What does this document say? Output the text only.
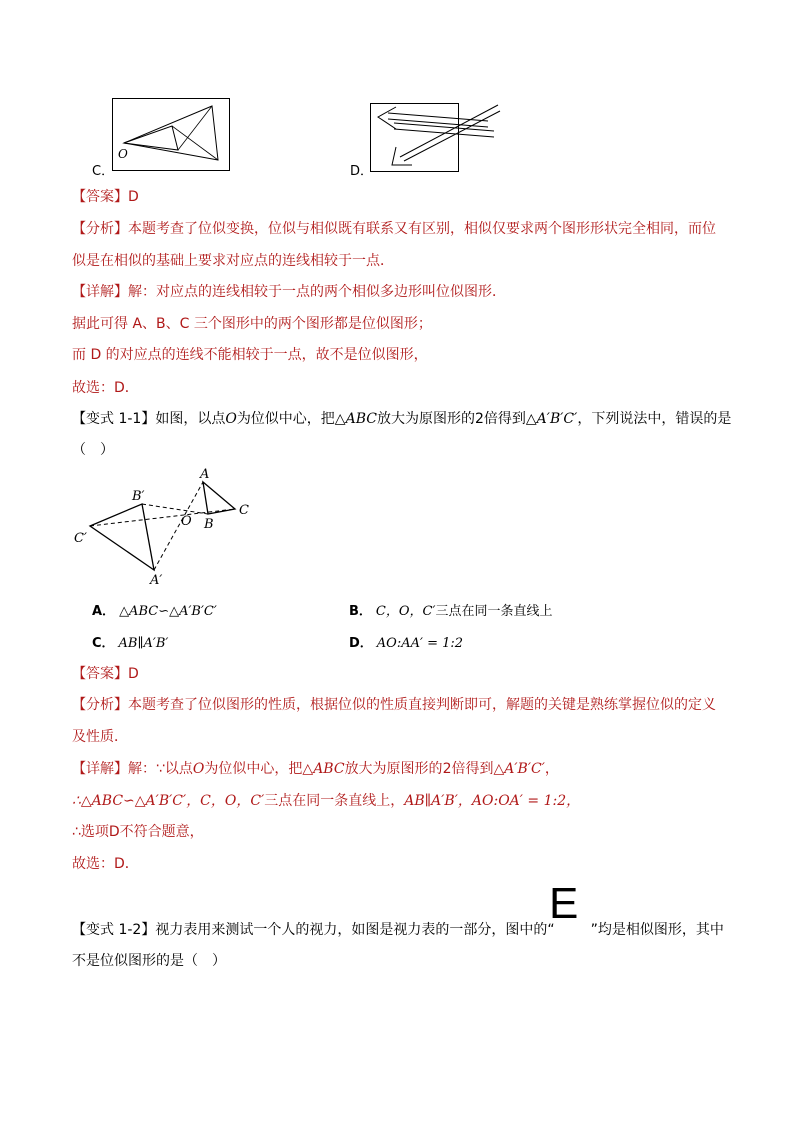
O
C．	D．
【答案】D
【分析】本题考查了位似变换，位似与相似既有联系又有区别，相似仅要求两个图形形状完全相同，而位
似是在相似的基础上要求对应点的连线相较于一点．
【详解】解：对应点的连线相较于一点的两个相似多边形叫位似图形．
据此可得 A、B、C 三个图形中的两个图形都是位似图形；
而 D 的对应点的连线不能相较于一点，故不是位似图形，
故选：D．
【变式 1-1】如图，以点O为位似中心，把△ABC放大为原图形的2倍得到△A′B′C′，下列说法中，错误的是
（　）
A
B
C
O
A′
B′
C′
A． △ABC∽△A′B′C′	B． C，O，C′三点在同一条直线上
C． AB∥A′B′	D． AO:AA′ = 1:2
【答案】D
【分析】本题考查了位似图形的性质，根据位似的性质直接判断即可，解题的关键是熟练掌握位似的定义
及性质．
【详解】解：∵以点O为位似中心，把△ABC放大为原图形的2倍得到△A′B′C′，
∴△ABC∽△A′B′C′，C，O，C′三点在同一条直线上，AB∥A′B′，AO:OA′ = 1:2，
∴选项D不符合题意，
故选：D．
E
【变式 1-2】视力表用来测试一个人的视力，如图是视力表的一部分，图中的“	”均是相似图形，其中
不是位似图形的是（　）
